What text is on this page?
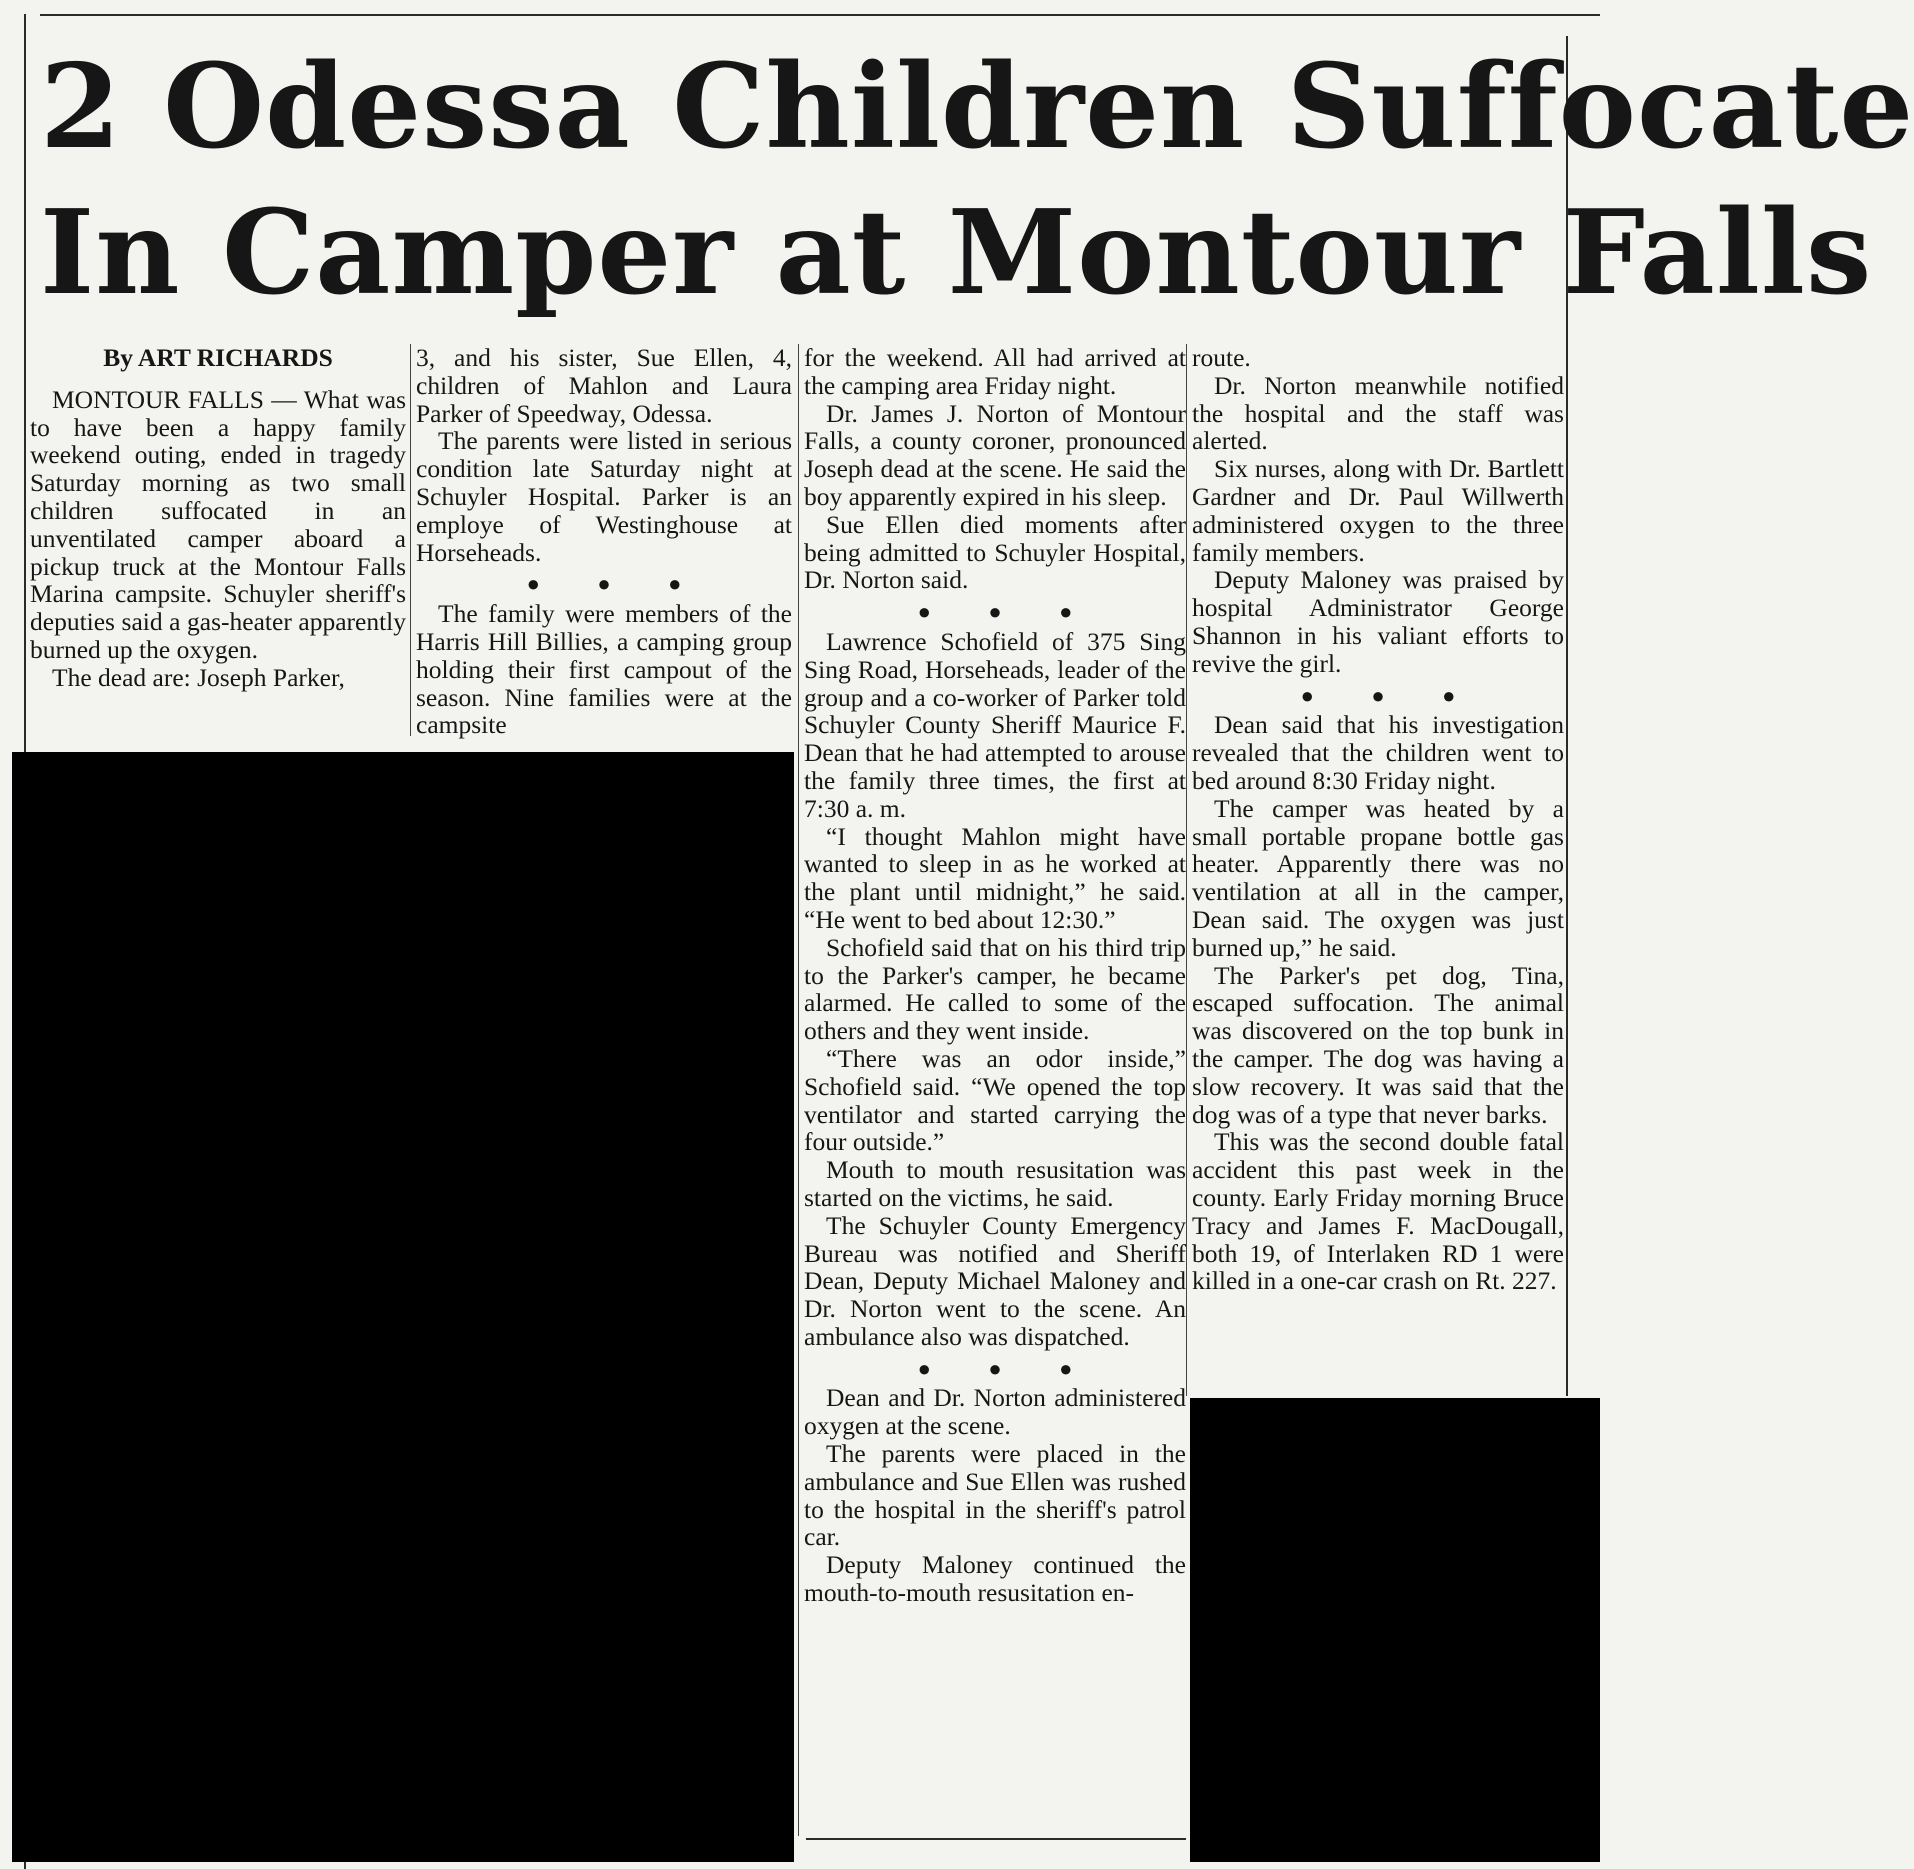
2 Odessa Children Suffocate
In Camper at Montour Falls

By ART RICHARDS

MONTOUR FALLS — What was to have been a happy family weekend outing, ended in tragedy Saturday morning as two small children suffocated in an unventilated camper aboard a pickup truck at the Montour Falls Marina campsite. Schuyler sheriff's deputies said a gas-heater apparently burned up the oxygen.

The dead are: Joseph Parker,

3, and his sister, Sue Ellen, 4, children of Mahlon and Laura Parker of Speedway, Odessa.

The parents were listed in serious condition late Saturday night at Schuyler Hospital. Parker is an employe of Westinghouse at Horseheads.

● ● ●

The family were members of the Harris Hill Billies, a camping group holding their first campout of the season. Nine families were at the campsite

for the weekend. All had arrived at the camping area Friday night.

Dr. James J. Norton of Montour Falls, a county coroner, pronounced Joseph dead at the scene. He said the boy apparently expired in his sleep.

Sue Ellen died moments after being admitted to Schuyler Hospital, Dr. Norton said.

● ● ●

Lawrence Schofield of 375 Sing Sing Road, Horseheads, leader of the group and a co-worker of Parker told Schuyler County Sheriff Maurice F. Dean that he had attempted to arouse the family three times, the first at 7:30 a. m.

“I thought Mahlon might have wanted to sleep in as he worked at the plant until midnight,” he said. “He went to bed about 12:30.”

Schofield said that on his third trip to the Parker's camper, he became alarmed. He called to some of the others and they went inside.

“There was an odor inside,” Schofield said. “We opened the top ventilator and started carrying the four outside.”

Mouth to mouth resusitation was started on the victims, he said.

The Schuyler County Emergency Bureau was notified and Sheriff Dean, Deputy Michael Maloney and Dr. Norton went to the scene. An ambulance also was dispatched.

● ● ●

Dean and Dr. Norton administered oxygen at the scene.

The parents were placed in the ambulance and Sue Ellen was rushed to the hospital in the sheriff's patrol car.

Deputy Maloney continued the mouth-to-mouth resusitation en-

route.

Dr. Norton meanwhile notified the hospital and the staff was alerted.

Six nurses, along with Dr. Bartlett Gardner and Dr. Paul Willwerth administered oxygen to the three family members.

Deputy Maloney was praised by hospital Administrator George Shannon in his valiant efforts to revive the girl.

● ● ●

Dean said that his investigation revealed that the children went to bed around 8:30 Friday night.

The camper was heated by a small portable propane bottle gas heater. Apparently there was no ventilation at all in the camper, Dean said. The oxygen was just burned up,” he said.

The Parker's pet dog, Tina, escaped suffocation. The animal was discovered on the top bunk in the camper. The dog was having a slow recovery. It was said that the dog was of a type that never barks.

This was the second double fatal accident this past week in the county. Early Friday morning Bruce Tracy and James F. MacDougall, both 19, of Interlaken RD 1 were killed in a one-car crash on Rt. 227.
